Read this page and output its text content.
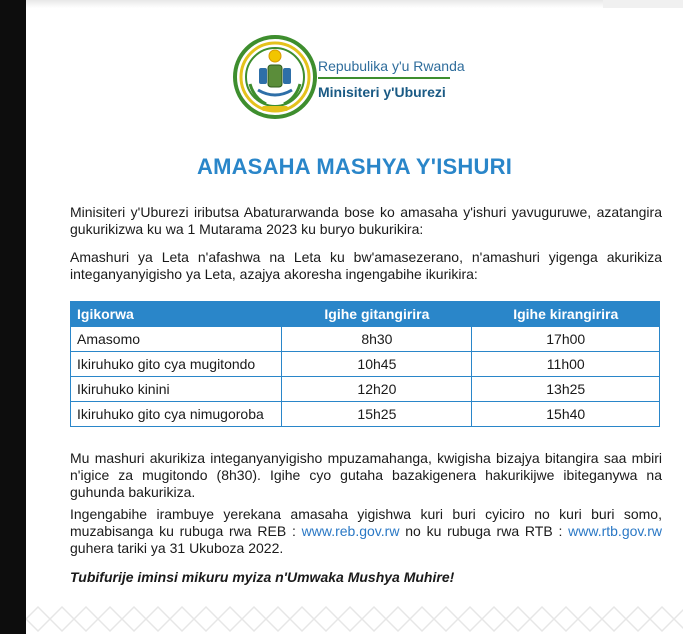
Repubulika y'u Rwanda
Minisiteri y'Uburezi
AMASAHA MASHYA Y'ISHURI

Minisiteri y'Uburezi iributsa Abaturarwanda bose ko amasaha y'ishuri yavuguruwe, azatangira gukurikizwa ku wa 1 Mutarama 2023 ku buryo bukurikira:

Amashuri ya Leta n'afashwa na Leta ku bw'amasezerano, n'amashuri yigenga akurikiza integanyanyigisho ya Leta, azajya akoresha ingengabihe ikurikira:

Igikorwa	Igihe gitangirira	Igihe kirangirira
Amasomo	8h30	17h00
Ikiruhuko gito cya mugitondo	10h45	11h00
Ikiruhuko kinini	12h20	13h25
Ikiruhuko gito cya nimugoroba	15h25	15h40

Mu mashuri akurikiza integanyanyigisho mpuzamahanga, kwigisha bizajya bitangira saa mbiri n'igice za mugitondo (8h30). Igihe cyo gutaha bazakigenera hakurikijwe ibiteganywa na guhunda bakurikiza.

Ingengabihe irambuye yerekana amasaha yigishwa kuri buri cyiciro no kuri buri somo, muzabisanga ku rubuga rwa REB : www.reb.gov.rw no ku rubuga rwa RTB : www.rtb.gov.rw guhera tariki ya 31 Ukuboza 2022.

Tubifurije iminsi mikuru myiza n'Umwaka Mushya Muhire!
